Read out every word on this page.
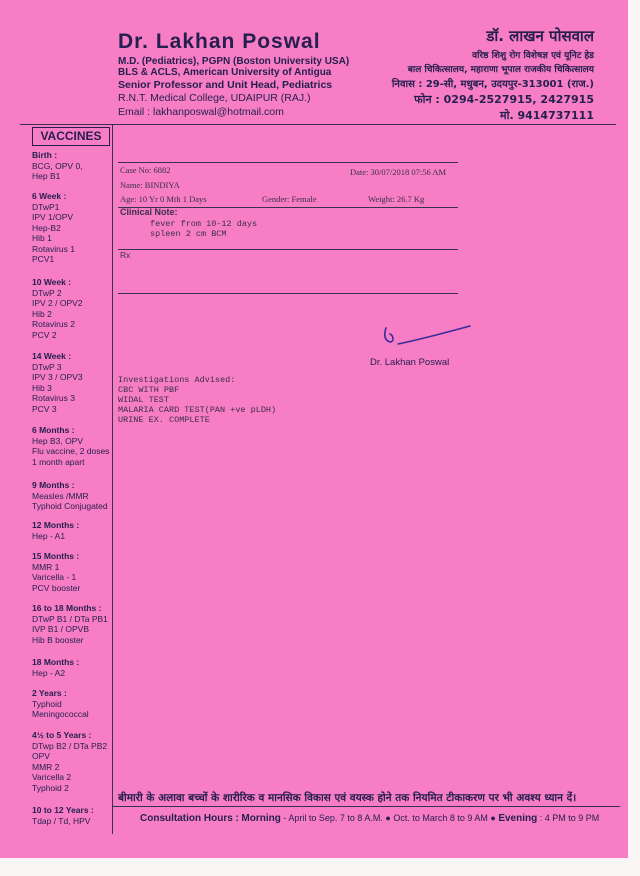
Dr. Lakhan Poswal
M.D. (Pediatrics), PGPN (Boston University USA)
BLS & ACLS, American University of Antigua
Senior Professor and Unit Head, Pediatrics
R.N.T. Medical College, UDAIPUR (RAJ.)
Email : lakhanposwal@hotmail.com
डॉ. लाखन पोसवाल
वरिष्ठ शिशु रोग विशेषज्ञ एवं यूनिट हेड
बाल चिकित्सालय, महाराणा भूपाल राजकीय चिकित्सालय
निवास : 29-सी, मधुबन, उदयपुर-313001 (राज.)
फोन : 0294-2527915, 2427915
मो. 9414737111
VACCINES
Birth :
BCG, OPV 0,
Hep B1
6 Week :
DTwP1
IPV 1/OPV
Hep-B2
Hib 1
Rotavirus 1
PCV1
10 Week :
DTwP 2
IPV 2 / OPV2
Hib 2
Rotavirus 2
PCV 2
14 Week :
DTwP 3
IPV 3 / OPV3
Hib 3
Rotavirus 3
PCV 3
6 Months :
Hep B3, OPV
Flu vaccine, 2 doses
1 month apart
9 Months :
Measles /MMR
Typhoid Conjugated
12 Months :
Hep - A1
15 Months :
MMR 1
Varicella - 1
PCV booster
16 to 18 Months :
DTwP B1 / DTa PB1
IVP B1 / OPVB
Hib B booster
18 Months :
Hep - A2
2 Years :
Typhoid
Meningococcal
4½ to 5 Years :
DTwp B2 / DTa PB2
OPV
MMR 2
Varicella 2
Typhoid 2
10 to 12 Years :
Tdap / Td, HPV
Case No: 6882	Date: 30/07/2018 07:56 AM
Name: BINDIYA
Age: 10 Yr 0 Mth 1 Days	Gender: Female	Weight: 26.7 Kg
Clinical Note:
fever from 10-12 days
spleen 2 cm BCM
Rx
Dr. Lakhan Poswal
Investigations Advised:
CBC WITH PBF
WIDAL TEST
MALARIA CARD TEST(PAN +ve pLDH)
URINE EX. COMPLETE
बीमारी के अलावा बच्चों के शारीरिक व मानसिक विकास एवं वयस्क होने तक नियमित टीकाकरण पर भी अवश्य ध्यान दें।
Consultation Hours : Morning - April to Sep. 7 to 8 A.M. ● Oct. to March 8 to 9 AM ● Evening : 4 PM to 9 PM
